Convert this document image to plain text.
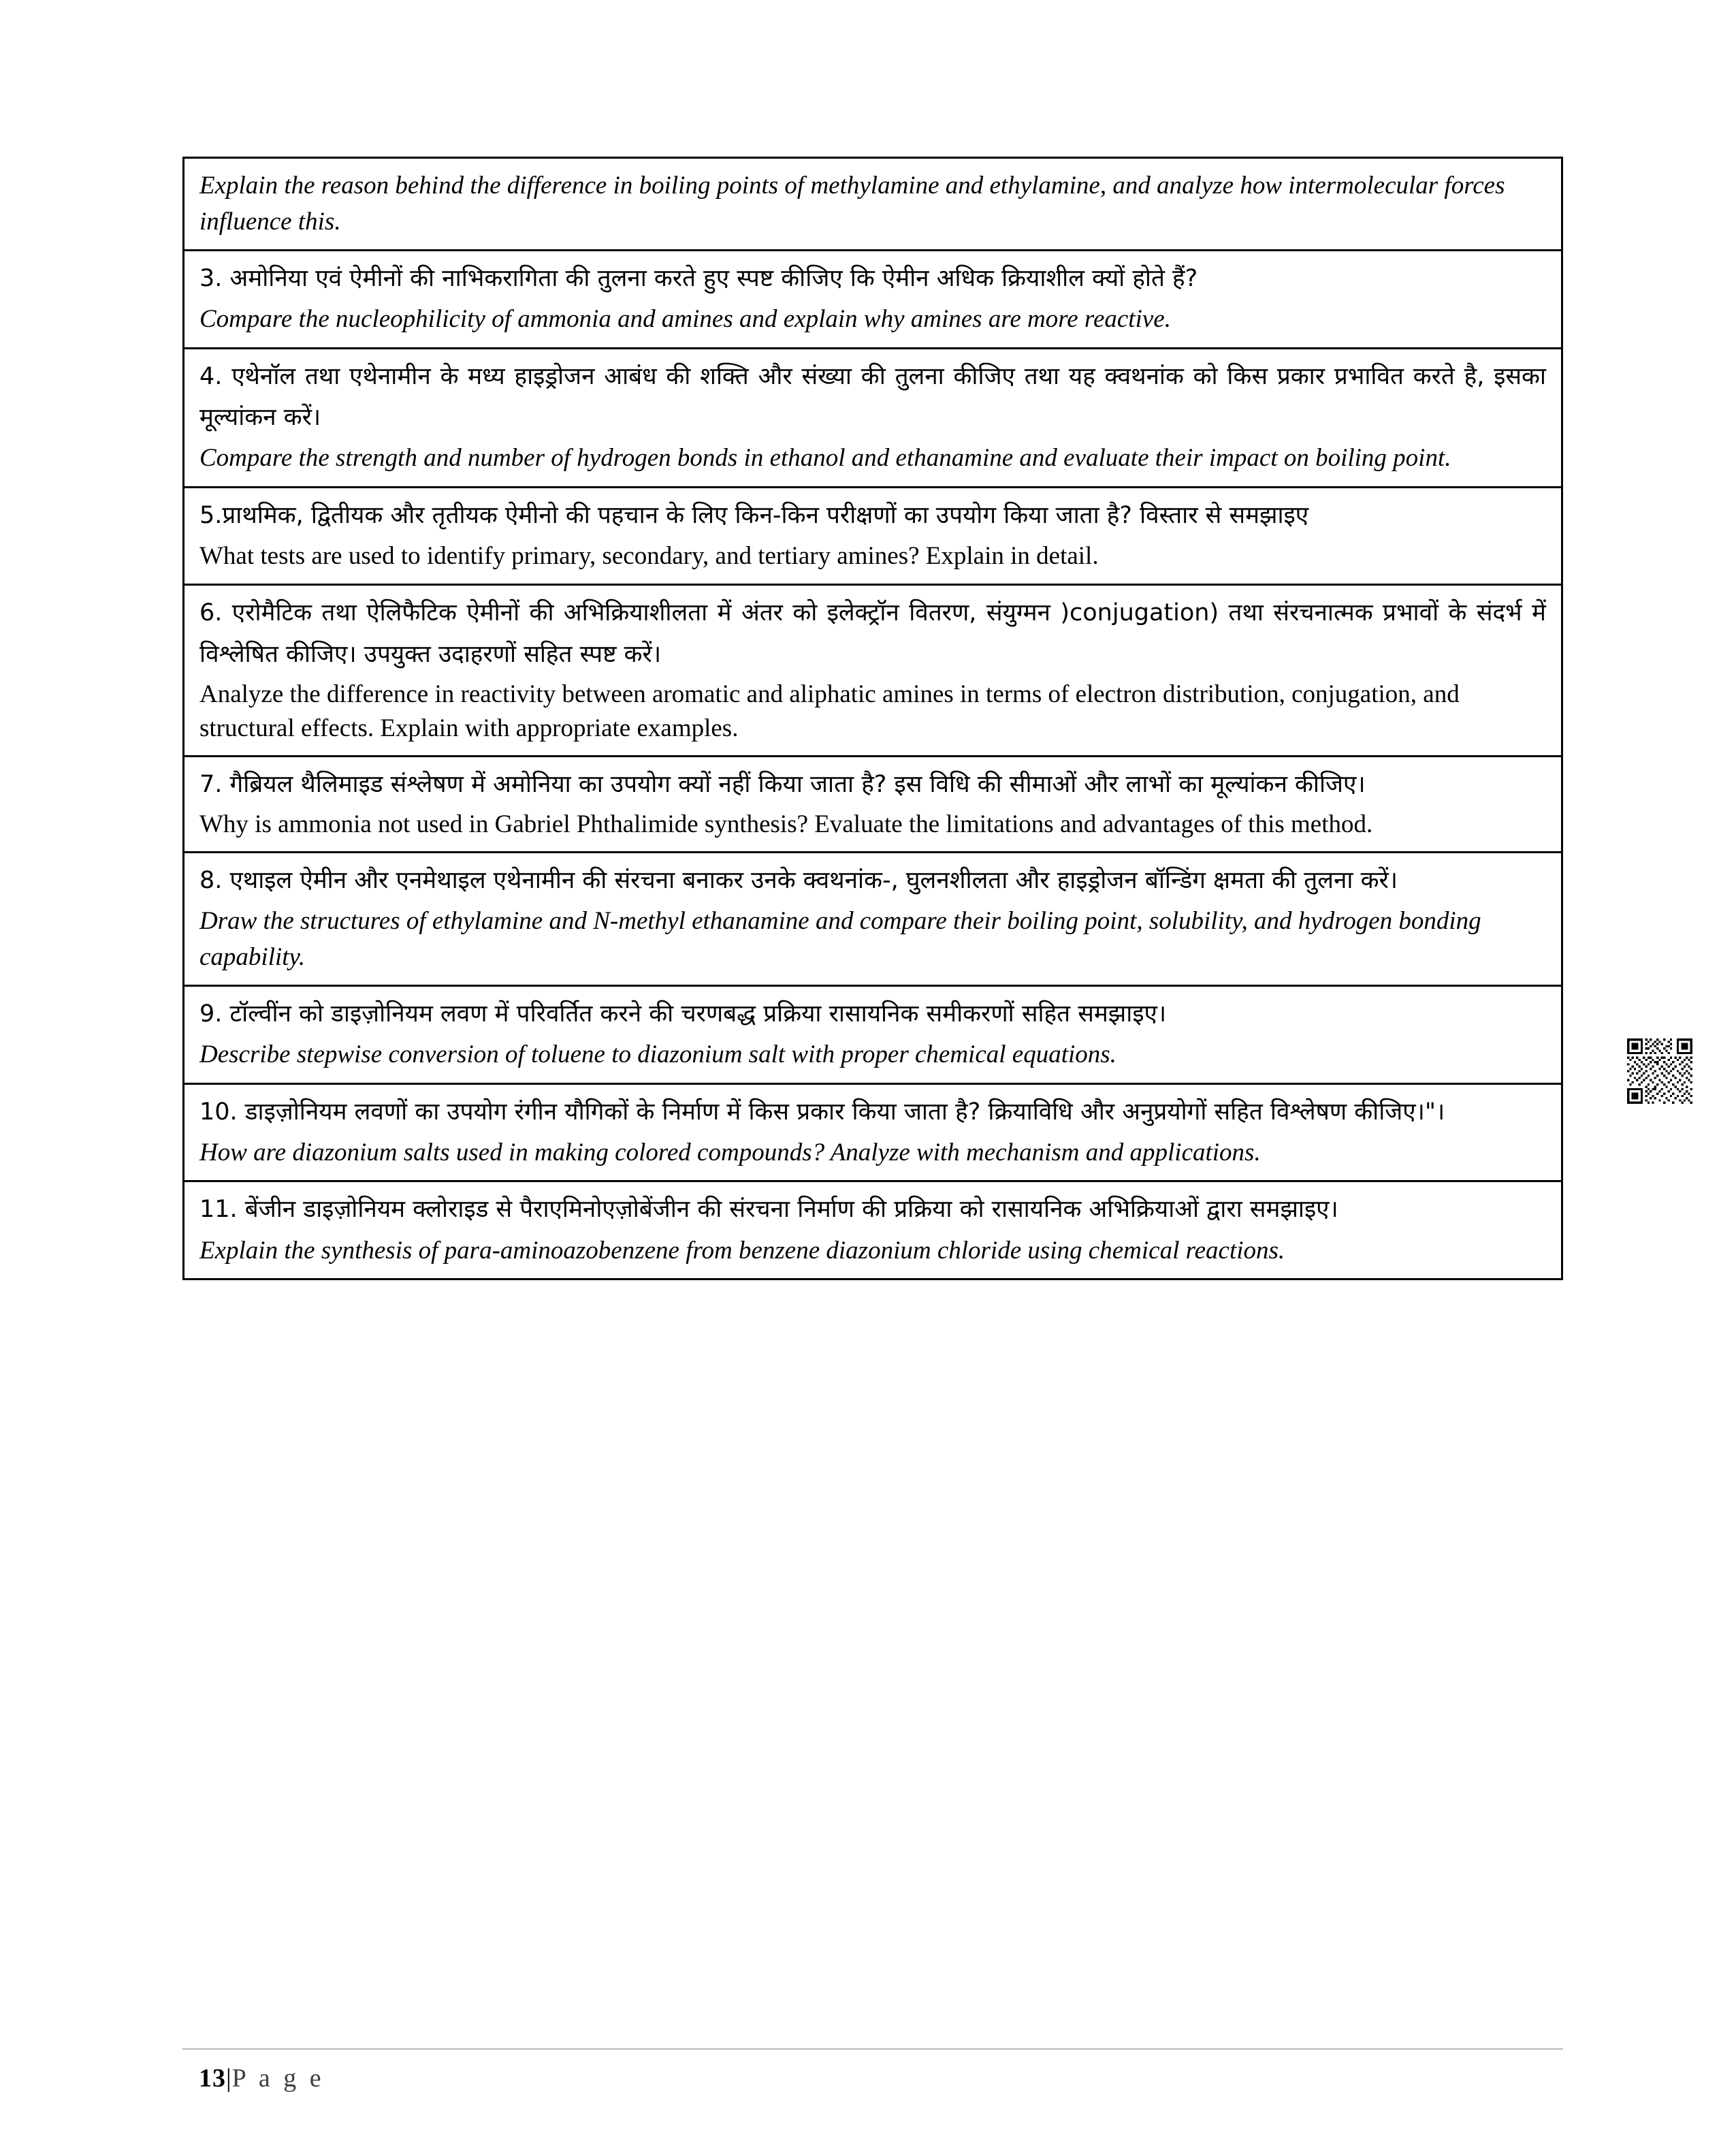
Explain the reason behind the difference in boiling points of methylamine and ethylamine, and analyze how intermolecular forces influence this.
3. अमोनिया एवं ऐमीनों की नाभिकरागिता की तुलना करते हुए स्पष्ट कीजिए कि ऐमीन अधिक क्रियाशील क्यों होते हैं?
Compare the nucleophilicity of ammonia and amines and explain why amines are more reactive.
4. एथेनॉल तथा एथेनामीन के मध्य हाइड्रोजन आबंध की शक्ति और संख्या की तुलना कीजिए तथा यह क्वथनांक को किस प्रकार प्रभावित करते है, इसका मूल्यांकन करें।
Compare the strength and number of hydrogen bonds in ethanol and ethanamine and evaluate their impact on boiling point.
5.प्राथमिक, द्वितीयक और तृतीयक ऐमीनो की पहचान के लिए किन-किन परीक्षणों का उपयोग किया जाता है? विस्तार से समझाइए
What tests are used to identify primary, secondary, and tertiary amines? Explain in detail.
6. एरोमैटिक तथा ऐलिफैटिक ऐमीनों की अभिक्रियाशीलता में अंतर को इलेक्ट्रॉन वितरण, संयुग्मन )conjugation) तथा संरचनात्मक प्रभावों के संदर्भ में विश्लेषित कीजिए। उपयुक्त उदाहरणों सहित स्पष्ट करें।
Analyze the difference in reactivity between aromatic and aliphatic amines in terms of electron distribution, conjugation, and structural effects. Explain with appropriate examples.
7. गैब्रियल थैलिमाइड संश्लेषण में अमोनिया का उपयोग क्यों नहीं किया जाता है? इस विधि की सीमाओं और लाभों का मूल्यांकन कीजिए।
Why is ammonia not used in Gabriel Phthalimide synthesis? Evaluate the limitations and advantages of this method.
8. एथाइल ऐमीन और एनमेथाइल एथेनामीन की संरचना बनाकर उनके क्वथनांक-, घुलनशीलता और हाइड्रोजन बॉन्डिंग क्षमता की तुलना करें।
Draw the structures of ethylamine and N-methyl ethanamine and compare their boiling point, solubility, and hydrogen bonding capability.
9. टॉल्वींन को डाइज़ोनियम लवण में परिवर्तित करने की चरणबद्ध प्रक्रिया रासायनिक समीकरणों सहित समझाइए।
Describe stepwise conversion of toluene to diazonium salt with proper chemical equations.
10. डाइज़ोनियम लवणों का उपयोग रंगीन यौगिकों के निर्माण में किस प्रकार किया जाता है? क्रियाविधि और अनुप्रयोगों सहित विश्लेषण कीजिए।"।
How are diazonium salts used in making colored compounds? Analyze with mechanism and applications.
11. बेंजीन डाइज़ोनियम क्लोराइड से पैराएमिनोएज़ोबेंजीन की संरचना निर्माण की प्रक्रिया को रासायनिक अभिक्रियाओं द्वारा समझाइए।
Explain the synthesis of para-aminoazobenzene from benzene diazonium chloride using chemical reactions.
13|P a g e
